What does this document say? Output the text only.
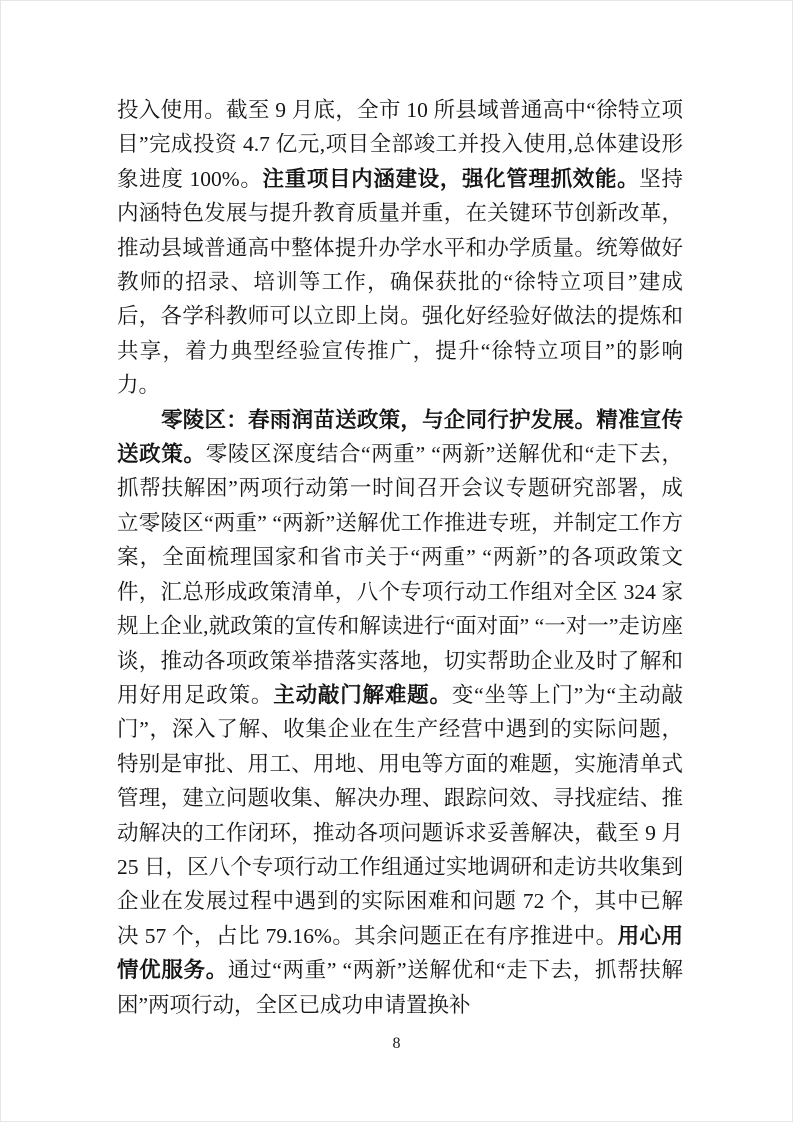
投入使用。截至 9 月底，全市 10 所县域普通高中“徐特立项目”完成投资 4.7 亿元,项目全部竣工并投入使用,总体建设形象进度 100%。注重项目内涵建设，强化管理抓效能。坚持内涵特色发展与提升教育质量并重，在关键环节创新改革，推动县域普通高中整体提升办学水平和办学质量。统筹做好教师的招录、培训等工作，确保获批的“徐特立项目”建成后，各学科教师可以立即上岗。强化好经验好做法的提炼和共享，着力典型经验宣传推广，提升“徐特立项目”的影响力。

零陵区：春雨润苗送政策，与企同行护发展。精准宣传送政策。零陵区深度结合“两重” “两新”送解优和“走下去，抓帮扶解困”两项行动第一时间召开会议专题研究部署，成立零陵区“两重” “两新”送解优工作推进专班，并制定工作方案，全面梳理国家和省市关于“两重” “两新”的各项政策文件，汇总形成政策清单，八个专项行动工作组对全区 324 家规上企业,就政策的宣传和解读进行“面对面” “一对一”走访座谈，推动各项政策举措落实落地，切实帮助企业及时了解和用好用足政策。主动敲门解难题。变“坐等上门”为“主动敲门”，深入了解、收集企业在生产经营中遇到的实际问题，特别是审批、用工、用地、用电等方面的难题，实施清单式管理，建立问题收集、解决办理、跟踪问效、寻找症结、推动解决的工作闭环，推动各项问题诉求妥善解决，截至 9 月 25 日，区八个专项行动工作组通过实地调研和走访共收集到企业在发展过程中遇到的实际困难和问题 72 个，其中已解决 57 个，占比 79.16%。其余问题正在有序推进中。用心用情优服务。通过“两重” “两新”送解优和“走下去，抓帮扶解困”两项行动，全区已成功申请置换补

8
